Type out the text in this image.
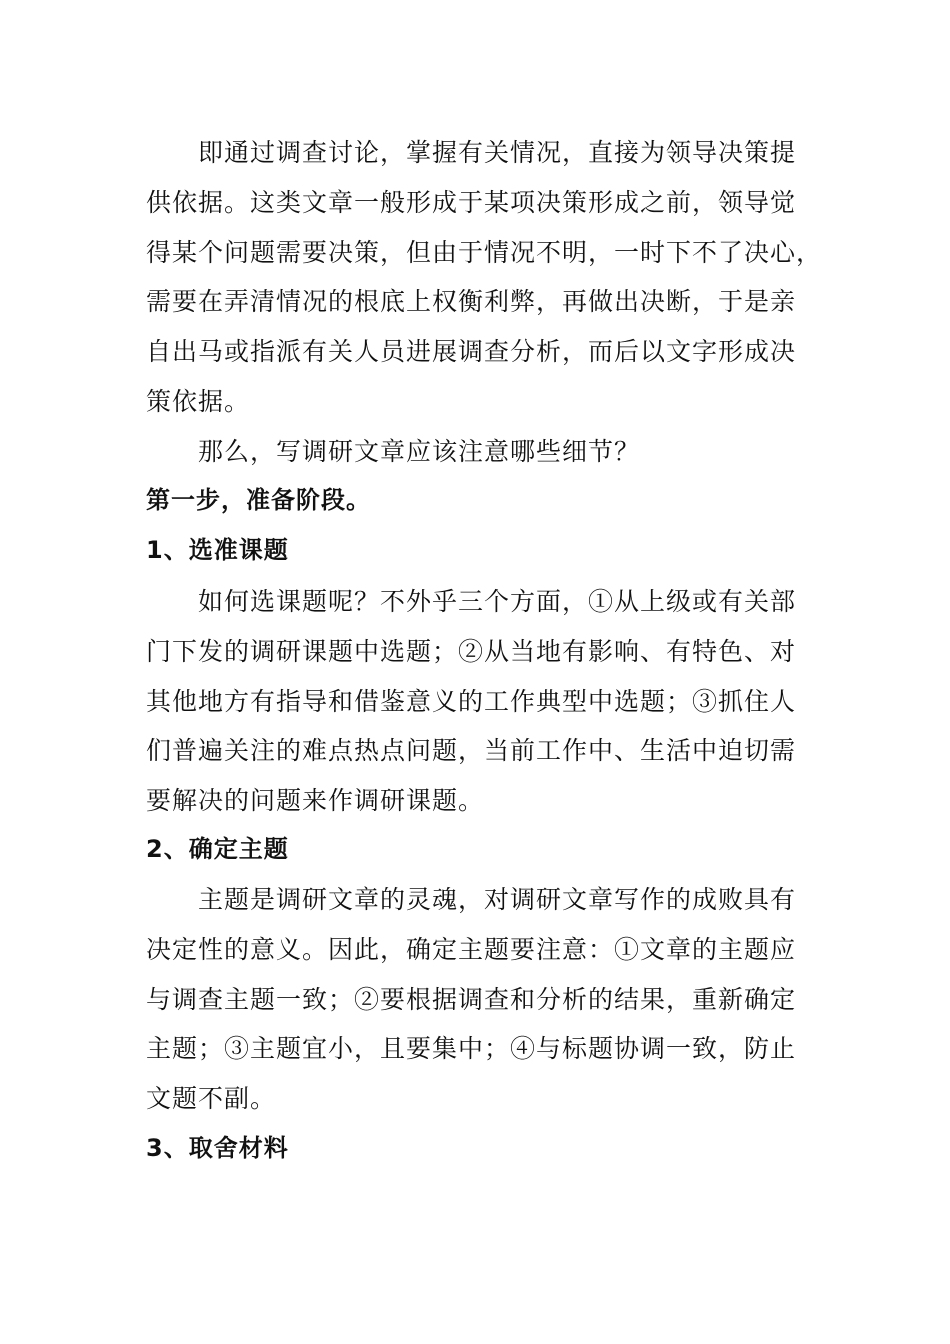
即通过调查讨论，掌握有关情况，直接为领导决策提
供依据。这类文章一般形成于某项决策形成之前，领导觉
得某个问题需要决策，但由于情况不明，一时下不了决心，
需要在弄清情况的根底上权衡利弊，再做出决断，于是亲
自出马或指派有关人员进展调查分析，而后以文字形成决
策依据。
那么，写调研文章应该注意哪些细节？
第一步，准备阶段。
1、选准课题
如何选课题呢？不外乎三个方面，①从上级或有关部
门下发的调研课题中选题；②从当地有影响、有特色、对
其他地方有指导和借鉴意义的工作典型中选题；③抓住人
们普遍关注的难点热点问题，当前工作中、生活中迫切需
要解决的问题来作调研课题。
2、确定主题
主题是调研文章的灵魂，对调研文章写作的成败具有
决定性的意义。因此，确定主题要注意：①文章的主题应
与调查主题一致；②要根据调查和分析的结果，重新确定
主题；③主题宜小，且要集中；④与标题协调一致，防止
文题不副。
3、取舍材料
